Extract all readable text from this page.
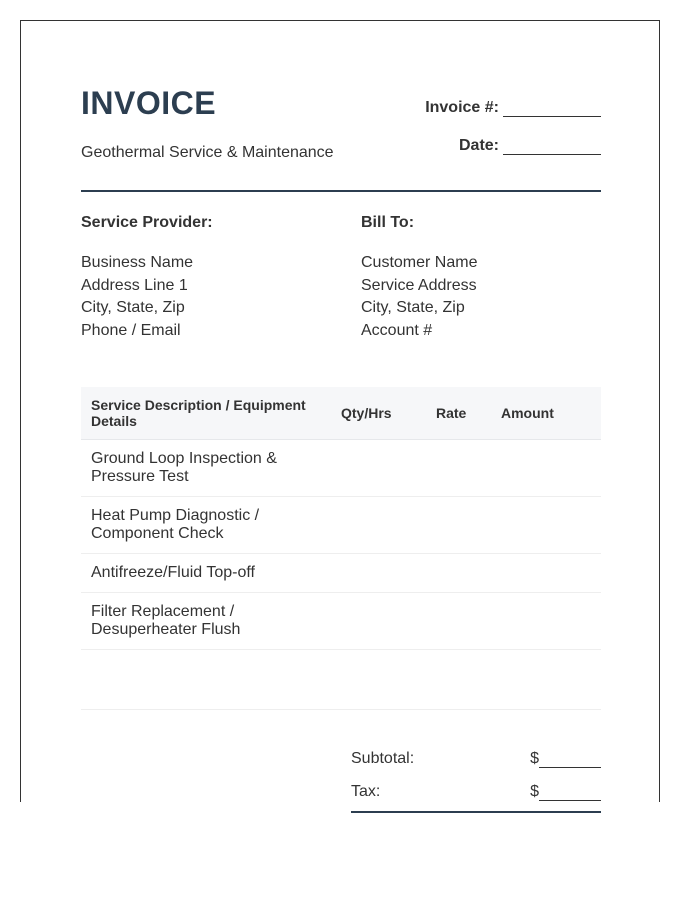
INVOICE
Geothermal Service & Maintenance
Invoice #:
Date:
Service Provider:
Business Name
Address Line 1
City, State, Zip
Phone / Email
Bill To:
Customer Name
Service Address
City, State, Zip
Account #
Service Description / Equipment Details	Qty/Hrs	Rate	Amount
Ground Loop Inspection & Pressure Test
Heat Pump Diagnostic / Component Check
Antifreeze/Fluid Top-off
Filter Replacement / Desuperheater Flush
Subtotal:	$
Tax:	$
